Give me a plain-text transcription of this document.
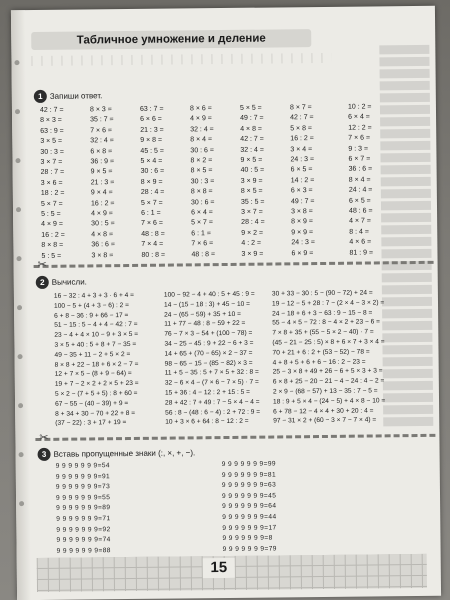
Табличное умножение и деление
1 Запиши ответ.
42 : 7 =
8 × 3 =
63 : 9 =
3 × 5 =
30 : 3 =
3 × 7 =
28 : 7 =
3 × 6 =
18 : 2 =
5 × 7 =
5 : 5 =
4 × 9 =
16 : 2 =
8 × 8 =
5 : 5 =
8 × 3 =
35 : 7 =
7 × 6 =
32 : 4 =
6 × 8 =
36 : 9 =
9 × 5 =
21 : 3 =
9 × 4 =
16 : 2 =
4 × 9 =
30 : 5 =
4 × 8 =
36 : 6 =
3 × 8 =
63 : 7 =
6 × 6 =
21 : 3 =
9 × 8 =
45 : 5 =
5 × 4 =
30 : 6 =
8 × 9 =
28 : 4 =
5 × 7 =
6 : 1 =
7 × 6 =
48 : 8 =
7 × 4 =
80 : 8 =
8 × 6 =
4 × 9 =
32 : 4 =
8 × 4 =
30 : 6 =
8 × 2 =
8 × 5 =
30 : 3 =
8 × 8 =
30 : 6 =
6 × 4 =
5 × 7 =
6 : 1 =
7 × 6 =
48 : 8 =
5 × 5 =
49 : 7 =
4 × 8 =
42 : 7 =
32 : 4 =
9 × 5 =
40 : 5 =
3 × 9 =
8 × 5 =
35 : 5 =
3 × 7 =
28 : 4 =
9 × 2 =
4 : 2 =
3 × 9 =
8 × 7 =
42 : 7 =
5 × 8 =
16 : 2 =
3 × 4 =
24 : 3 =
6 × 5 =
14 : 2 =
6 × 3 =
49 : 7 =
3 × 8 =
8 × 9 =
9 × 9 =
24 : 3 =
6 × 9 =
10 : 2 =
6 × 4 =
12 : 2 =
7 × 6 =
9 : 3 =
6 × 7 =
36 : 6 =
8 × 4 =
24 : 4 =
6 × 5 =
48 : 6 =
4 × 7 =
8 : 4 =
4 × 6 =
81 : 9 =
✂
2 Вычисли.
16 − 32 : 4 + 3 + 3 · 6 + 4 =
100 − 5 + (4 + 3 − 6) : 2 =
6 + 8 − 36 : 9 + 66 − 17 =
51 − 15 : 5 − 4 + 4 − 42 : 7 =
23 − 4 + 4 × 10 − 9 + 3 × 5 =
3 × 5 + 40 : 5 + 8 + 7 − 35 =
49 − 35 + 11 − 2 + 5 × 2 =
8 × 8 + 22 − 18 + 6 × 2 − 7 =
12 + 7 × 5 − (8 + 9 − 64) =
19 + 7 − 2 × 2 + 2 × 5 + 23 =
5 × 2 − (7 + 5 + 5) : 8 + 60 =
67 − 55 − (40 − 39) + 9 =
8 + 34 + 30 − 70 + 22 + 8 =
(37 − 22) : 3 + 17 + 19 =
100 − 92 − 4 + 40 : 5 + 45 : 9 =
14 − (15 − 18 : 3) + 45 − 10 =
24 − (65 − 59) + 35 + 10 =
11 + 77 − 48 : 8 − 59 + 22 =
76 − 7 × 3 − 54 + (100 − 78) =
34 − 25 − 45 : 9 + 22 − 6 + 3 =
14 + 65 + (70 − 65) × 2 − 37 =
98 − 65 − 15 − (85 − 82) × 3 =
11 + 5 − 35 : 5 + 7 × 5 + 32 : 8 =
32 − 6 × 4 − (7 × 6 − 7 × 5) · 7 =
15 + 36 : 4 − 12 : 2 + 15 : 5 =
28 + 42 : 7 + 49 : 7 − 5 × 4 − 4 =
56 : 8 − (48 : 6 − 4) : 2 + 72 : 9 =
10 + 3 × 6 + 64 : 8 − 12 : 2 =
30 + 33 − 30 : 5 − (90 − 72) + 24 =
19 − 12 − 5 + 28 : 7 − (2 × 4 − 3 × 2) =
24 − 18 + 6 + 3 − 63 : 9 − 15 − 8 =
55 − 4 × 5 − 72 : 8 − 4 × 2 + 23 − 6 =
7 × 8 + 35 + (55 − 5 × 2 − 40) · 7 =
(45 − 21 − 25 : 5) × 8 + 6 × 7 + 3 × 4 =
70 + 21 + 6 : 2 + (53 − 52) − 78 =
4 + 8 + 5 + 6 + 6 − 16 : 2 − 23 =
25 − 3 × 8 + 49 + 26 − 6 + 5 × 3 + 3 =
6 × 8 + 25 − 20 − 21 − 4 − 24 : 4 − 2 =
2 × 9 − (68 − 57) + 13 − 35 : 7 − 5 =
18 : 9 + 5 × 4 − (24 − 5) + 4 × 8 − 10 =
6 + 78 − 12 − 4 × 4 + 30 + 20 : 4 =
97 − 31 × 2 + (60 − 3 × 7 − 7 × 4) =
✂
3 Вставь пропущенные знаки (:, ×, +, −).
9 9 9 9 9 9 9=54
9 9 9 9 9 9 9=91
9 9 9 9 9 9 9=73
9 9 9 9 9 9 9=55
9 9 9 9 9 9 9=89
9 9 9 9 9 9 9=71
9 9 9 9 9 9 9=92
9 9 9 9 9 9 9=74
9 9 9 9 9 9 9=88
9 9 9 9 9 9 9=99
9 9 9 9 9 9 9=81
9 9 9 9 9 9 9=63
9 9 9 9 9 9 9=45
9 9 9 9 9 9 9=64
9 9 9 9 9 9 9=44
9 9 9 9 9 9 9=17
9 9 9 9 9 9 9=8
9 9 9 9 9 9 9=79
15
